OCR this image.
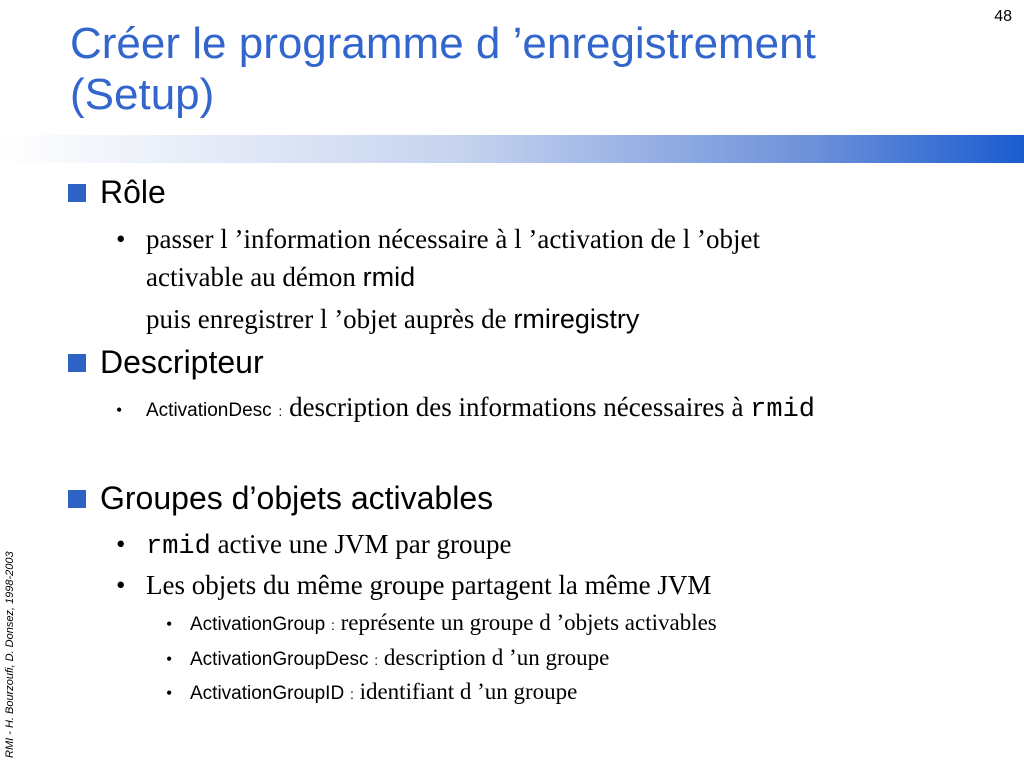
48
Créer le programme d ’enregistrement
(Setup)
RMI - H. Bourzoufi, D. Donsez, 1998-2003
Rôle
• passer l ’information nécessaire à l ’activation de l ’objet
activable au démon rmid
puis enregistrer l ’objet auprès de rmiregistry
Descripteur
• ActivationDesc : description des informations nécessaires à rmid
Groupes d’objets activables
• rmid active une JVM par groupe
• Les objets du même groupe partagent la même JVM
• ActivationGroup : représente un groupe d ’objets activables
• ActivationGroupDesc : description d ’un groupe
• ActivationGroupID : identifiant d ’un groupe
